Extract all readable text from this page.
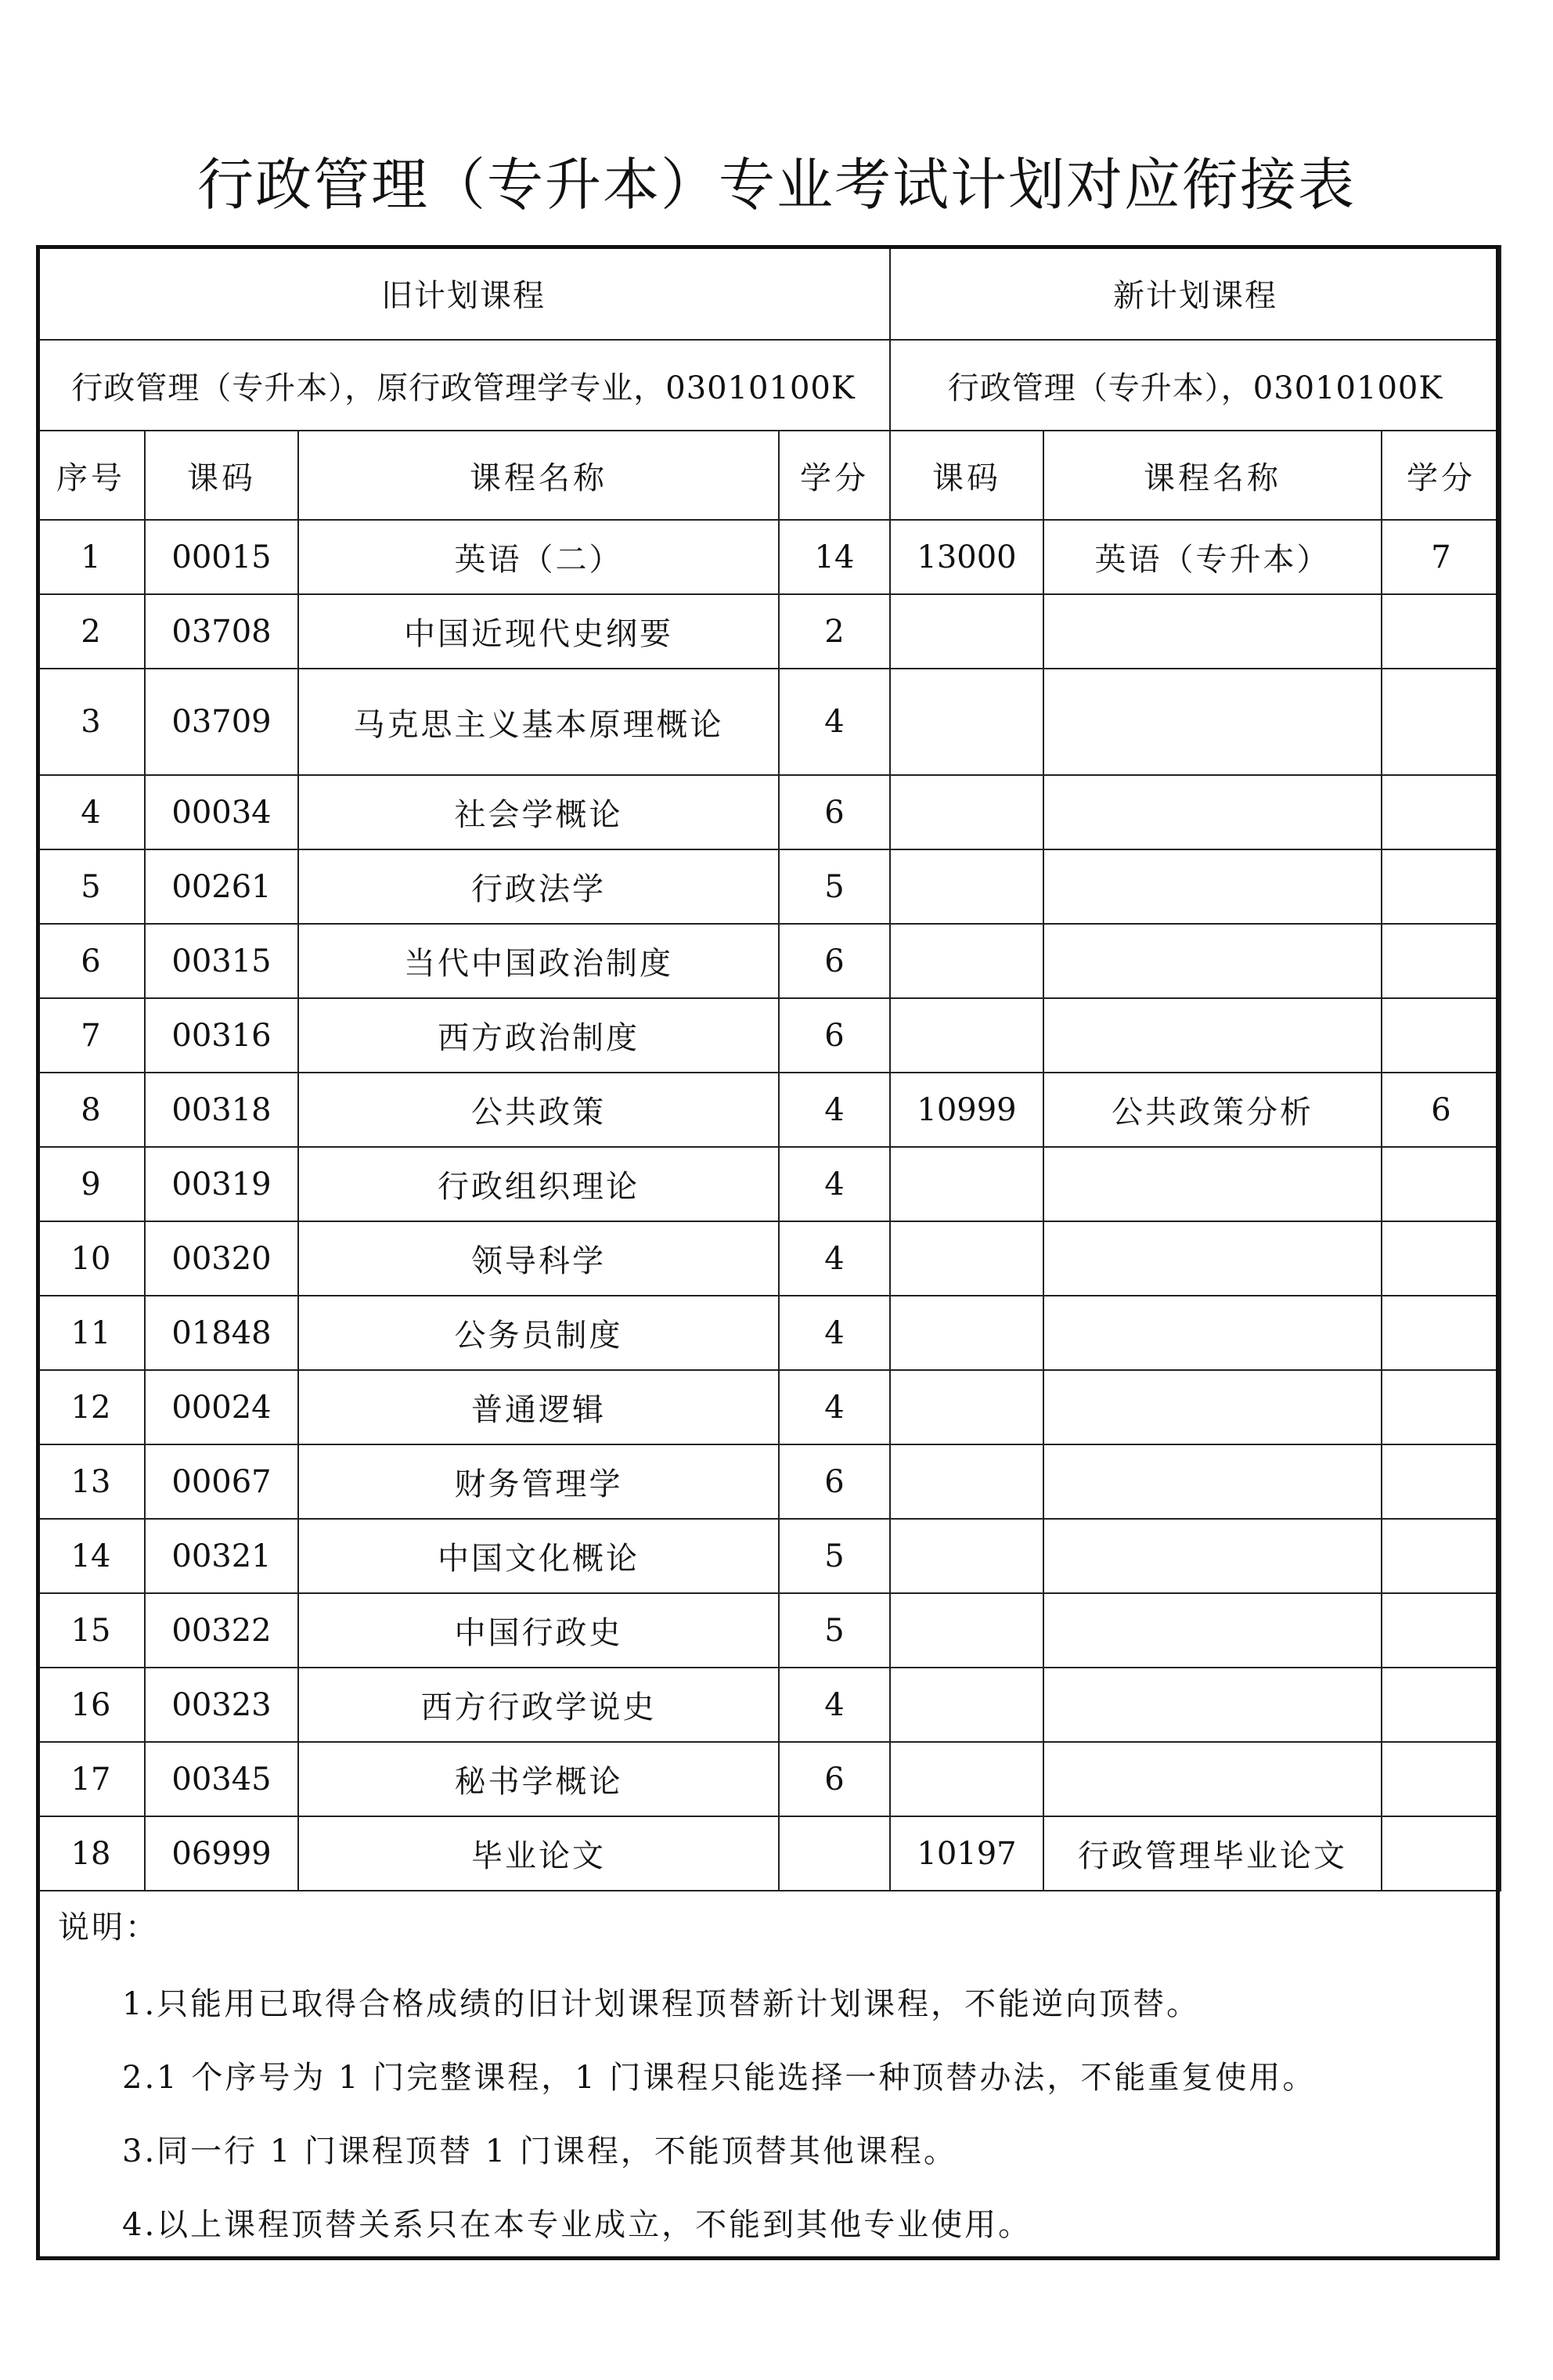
行政管理（专升本）专业考试计划对应衔接表
旧计划课程				新计划课程		
行政管理（专升本），原行政管理学专业，03010100K				行政管理（专升本），03010100K		
序号	课码	课程名称	学分	课码	课程名称	学分
1	00015	英语（二）	14	13000	英语（专升本）	7
2	03708	中国近现代史纲要	2			
3	03709	马克思主义基本原理概论	4			
4	00034	社会学概论	6			
5	00261	行政法学	5			
6	00315	当代中国政治制度	6			
7	00316	西方政治制度	6			
8	00318	公共政策	4	10999	公共政策分析	6
9	00319	行政组织理论	4			
10	00320	领导科学	4			
11	01848	公务员制度	4			
12	00024	普通逻辑	4			
13	00067	财务管理学	6			
14	00321	中国文化概论	5			
15	00322	中国行政史	5			
16	00323	西方行政学说史	4			
17	00345	秘书学概论	6			
18	06999	毕业论文		10197	行政管理毕业论文	
说明：
1.只能用已取得合格成绩的旧计划课程顶替新计划课程，不能逆向顶替。
2.1 个序号为 1 门完整课程，1 门课程只能选择一种顶替办法，不能重复使用。
3.同一行 1 门课程顶替 1 门课程，不能顶替其他课程。
4.以上课程顶替关系只在本专业成立，不能到其他专业使用。
